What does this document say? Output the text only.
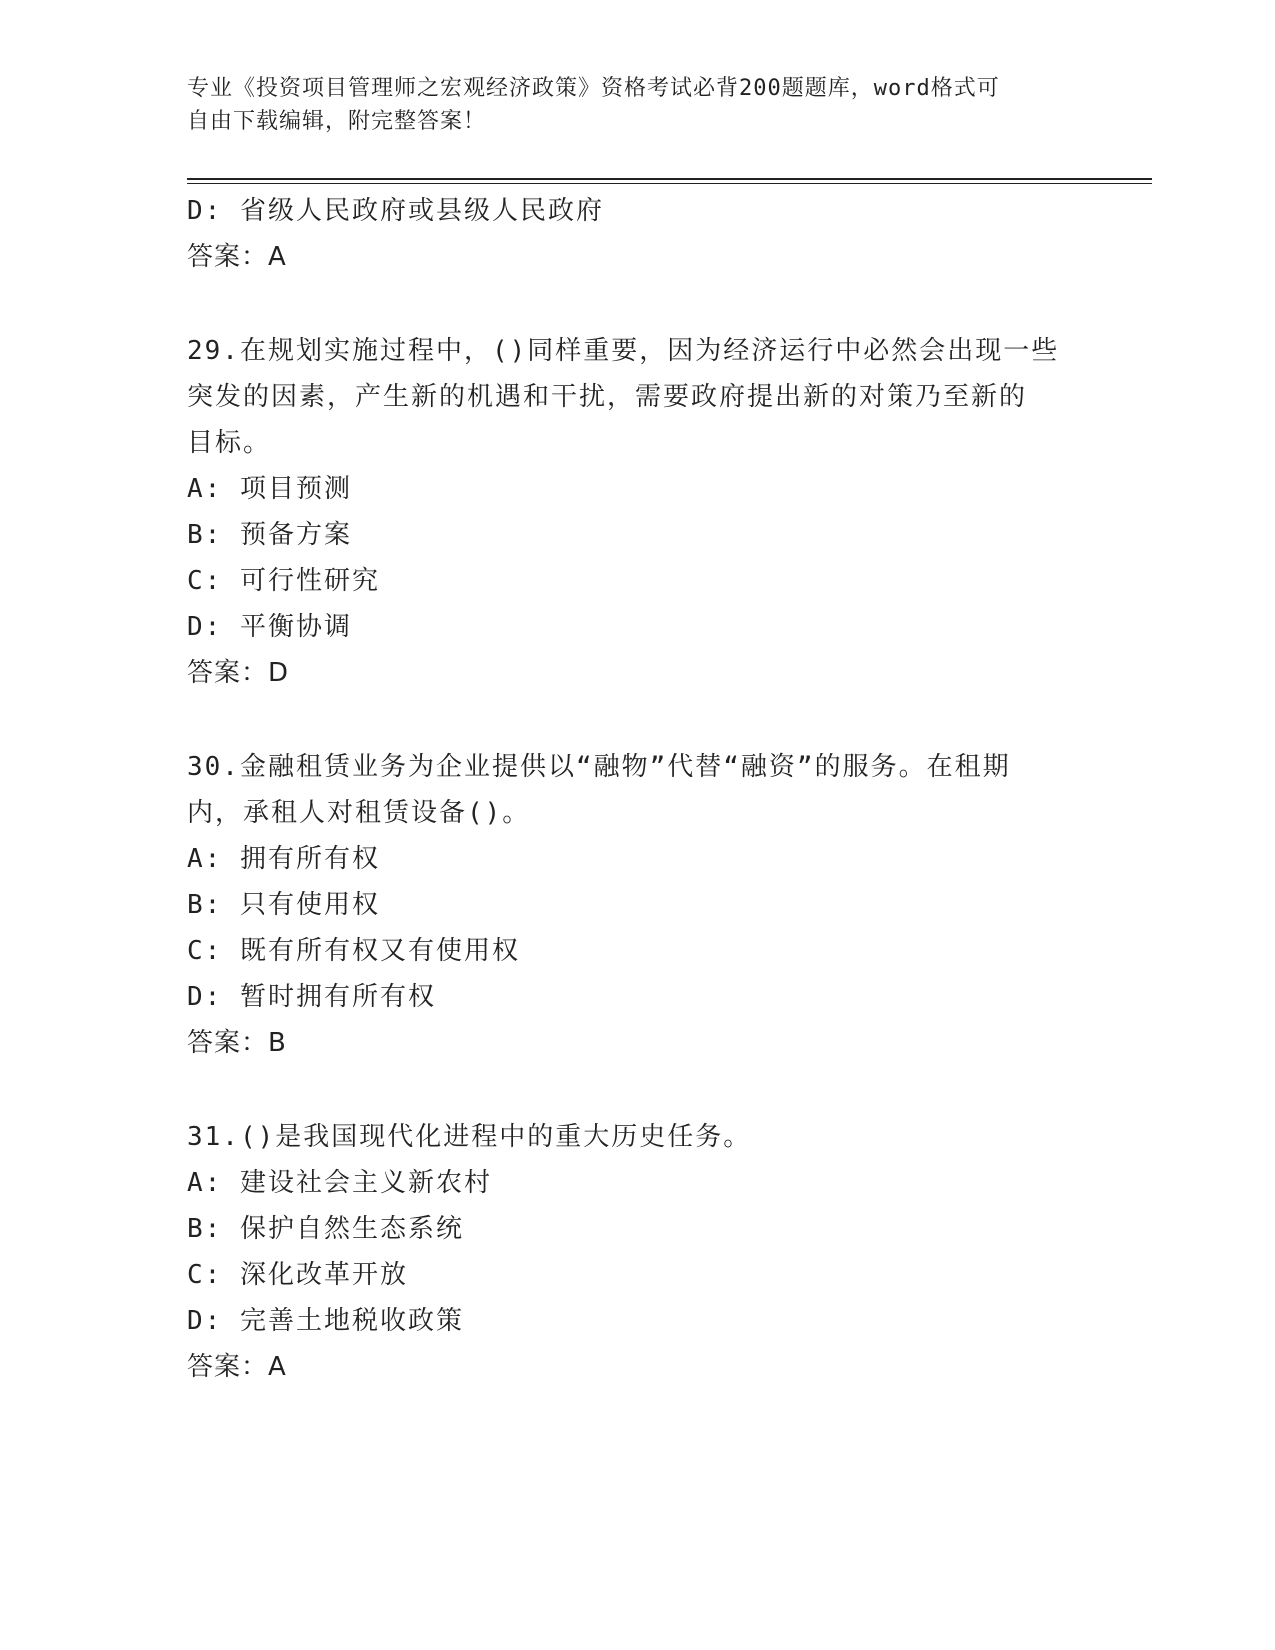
专业《投资项目管理师之宏观经济政策》资格考试必背200题题库，word格式可
自由下载编辑，附完整答案！
D: 省级人民政府或县级人民政府
答案：A
29.在规划实施过程中，()同样重要，因为经济运行中必然会出现一些
突发的因素，产生新的机遇和干扰，需要政府提出新的对策乃至新的
目标。
A: 项目预测
B: 预备方案
C: 可行性研究
D: 平衡协调
答案：D
30.金融租赁业务为企业提供以“融物”代替“融资”的服务。在租期
内，承租人对租赁设备()。
A: 拥有所有权
B: 只有使用权
C: 既有所有权又有使用权
D: 暂时拥有所有权
答案：B
31.()是我国现代化进程中的重大历史任务。
A: 建设社会主义新农村
B: 保护自然生态系统
C: 深化改革开放
D: 完善土地税收政策
答案：A
